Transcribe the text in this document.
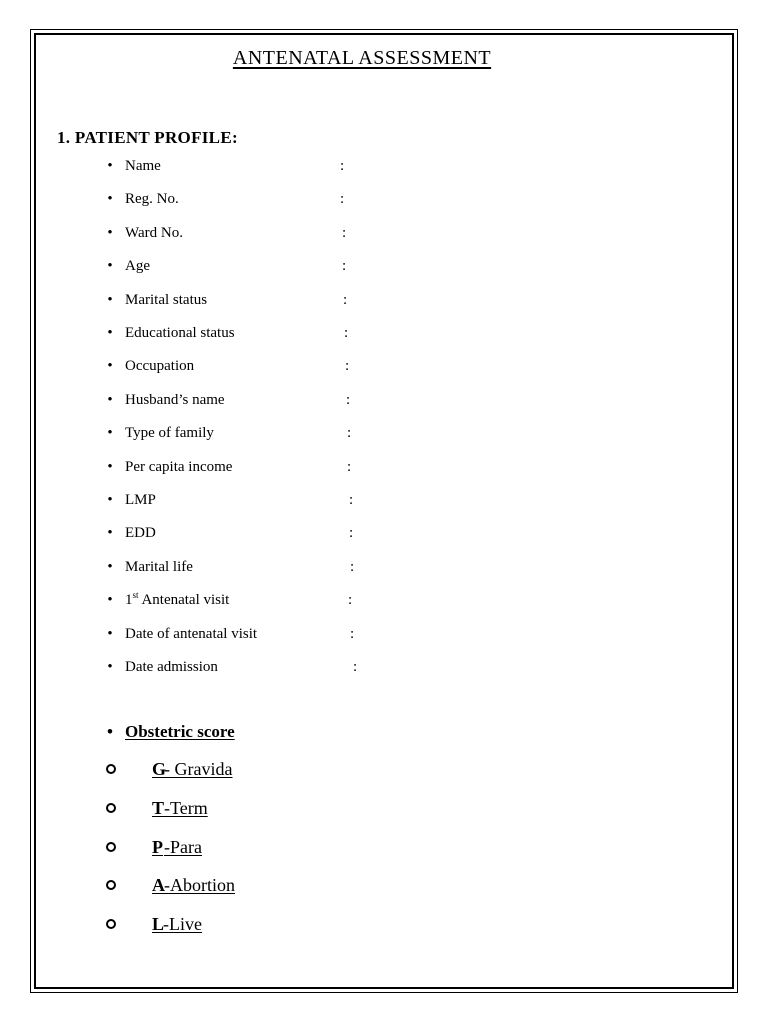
ANTENATAL ASSESSMENT
1. PATIENT PROFILE:
• Name	:
• Reg. No.	:
• Ward No.	:
• Age	:
• Marital status	:
• Educational status	:
• Occupation	:
• Husband’s name	:
• Type of family	:
• Per capita income	:
• LMP	:
• EDD	:
• Marital life	:
• 1st Antenatal visit	:
• Date of antenatal visit	:
• Date admission	:
• Obstetric score
G
- Gravida
T -Term
P -Para
A -Abortion
L
-Live
